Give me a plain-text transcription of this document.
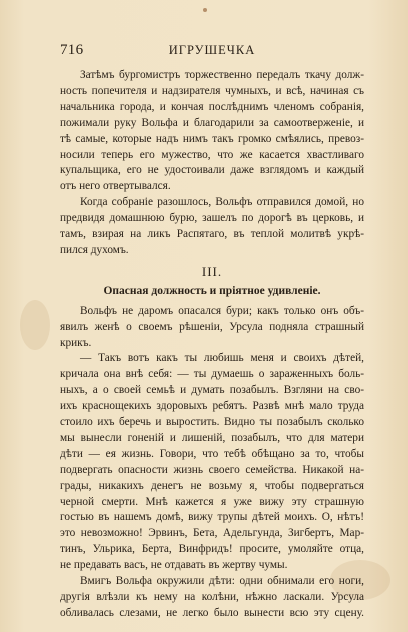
716	ИГРУШЕЧКА
Затѣмъ бургомистръ торжественно передалъ ткачу долж-
ность попечителя и надзирателя чумныхъ, и всѣ, начиная съ
начальника города, и кончая послѣднимъ членомъ собранія,
пожимали руку Вольфа и благодарили за самоотверженіе, и
тѣ самые, которые надъ нимъ такъ громко смѣялись, превоз-
носили теперь его мужество, что же касается хвастливаго
купальщика, его не удостоивали даже взглядомъ и каждый
отъ него отвертывался.
Когда собраніе разошлось, Вольфъ отправился домой, но
предвидя домашнюю бурю, зашелъ по дорогѣ въ церковь, и
тамъ, взирая на ликъ Распятаго, въ теплой молитвѣ укрѣ-
пился духомъ.
III.
Опасная должность и пріятное удивленіе.
Вольфъ не даромъ опасался бури; какъ только онъ объ-
явилъ женѣ о своемъ рѣшеніи, Урсула подняла страшный
крикъ.
— Такъ вотъ какъ ты любишь меня и своихъ дѣтей,
кричала она внѣ себя: — ты думаешь о зараженныхъ боль-
ныхъ, а о своей семьѣ и думать позабылъ. Взгляни на сво-
ихъ краснощекихъ здоровыхъ ребятъ. Развѣ мнѣ мало труда
стоило ихъ беречь и выростить. Видно ты позабылъ сколько
мы вынесли гоненій и лишеній, позабылъ, что для матери
дѣти — ея жизнь. Говори, что тебѣ обѣщано за то, чтобы
подвергать опасности жизнь своего семейства. Никакой на-
грады, никакихъ денегъ не возьму я, чтобы подвергаться
черной смерти. Мнѣ кажется я уже вижу эту страшную
гостью въ нашемъ домѣ, вижу трупы дѣтей моихъ. О, нѣтъ!
это невозможно! Эрвинъ, Бета, Адельгунда, Зигбертъ, Мар-
тинъ, Ульрика, Берта, Винфридъ! просите, умоляйте отца,
не предавать васъ, не отдавать въ жертву чумы.
Вмигъ Вольфа окружили дѣти: одни обнимали его ноги,
другія влѣзли къ нему на колѣни, нѣжно ласкали. Урсула
обливалась слезами, не легко было вынести всю эту сцену.
